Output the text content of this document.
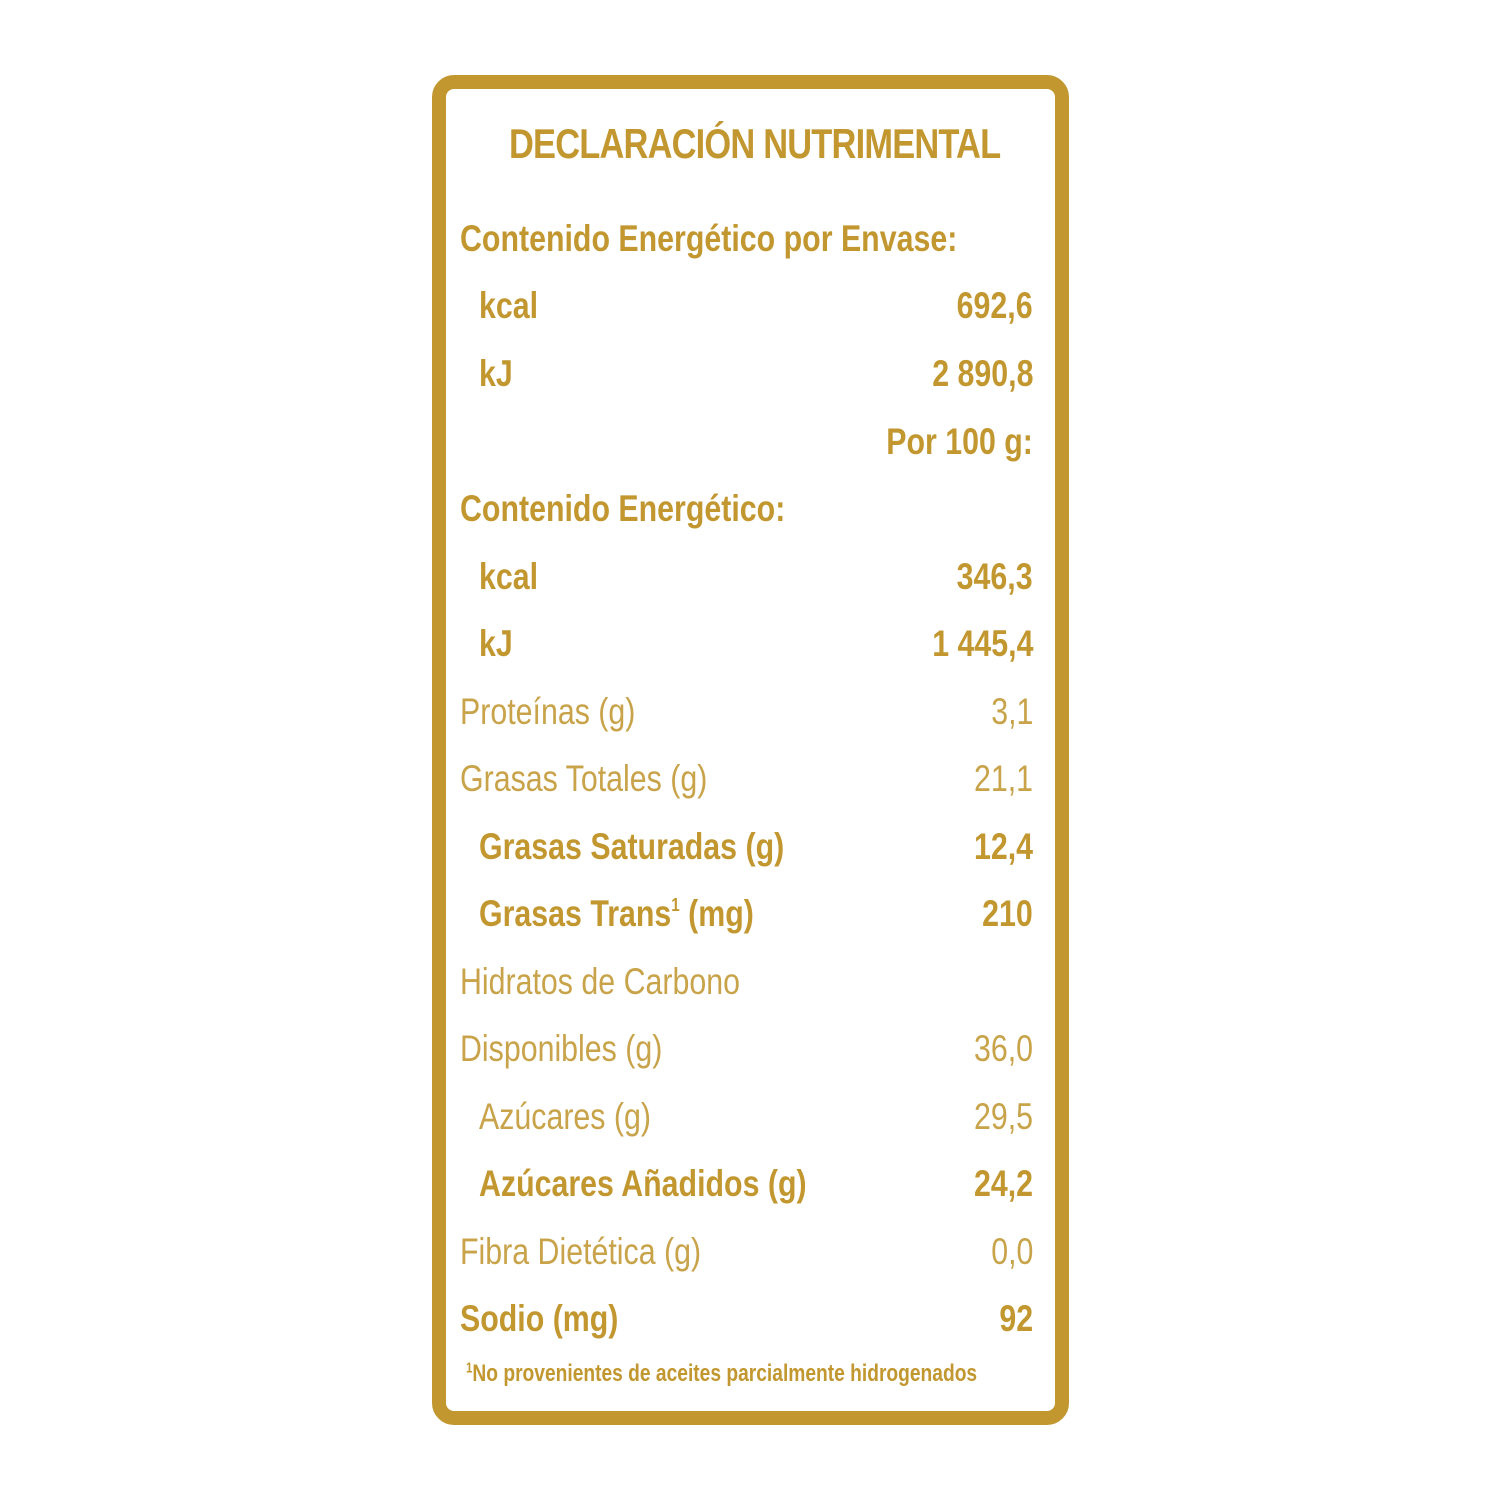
DECLARACIÓN NUTRIMENTAL
Contenido Energético por Envase:
kcal	692,6
kJ	2 890,8
Por 100 g:
Contenido Energético:
kcal	346,3
kJ	1 445,4
Proteínas (g)	3,1
Grasas Totales (g)	21,1
Grasas Saturadas (g)	12,4
Grasas Trans$^1$ (mg)	210
Hidratos de Carbono
Disponibles (g)	36,0
Azúcares (g)	29,5
Azúcares Añadidos (g)	24,2
Fibra Dietética (g)	0,0
Sodio (mg)	92
$^1$No provenientes de aceites parcialmente hidrogenados
